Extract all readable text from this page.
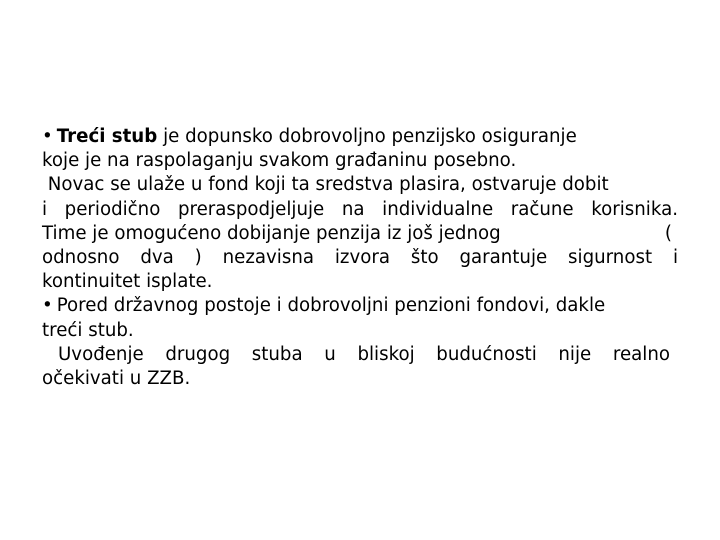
• Treći stub je dopunsko dobrovoljno penzijsko osiguranje
koje je na raspolaganju svakom građaninu posebno.
Novac se ulaže u fond koji ta sredstva plasira, ostvaruje dobit
i periodično preraspodjeljuje na individualne račune korisnika.
Time je omogućeno dobijanje penzija iz još jednog	(
odnosno dva ) nezavisna izvora što garantuje sigurnost i
kontinuitet isplate.
• Pored državnog postoje i dobrovoljni penzioni fondovi, dakle
treći stub.
Uvođenje drugog stuba u bliskoj budućnosti nije realno
očekivati u ZZB.
